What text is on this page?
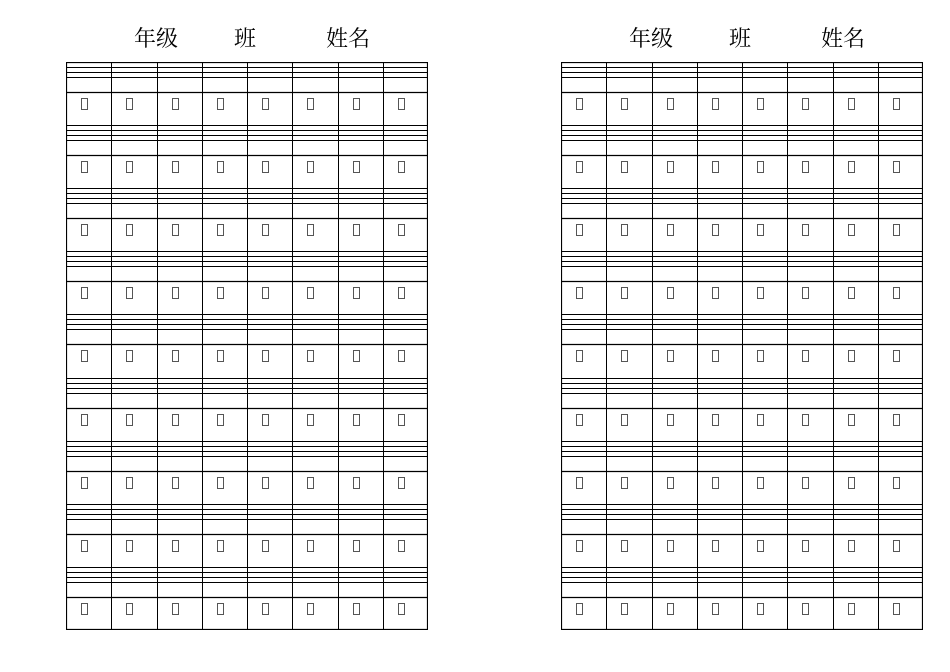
年级	班	姓名	年级	班	姓名
